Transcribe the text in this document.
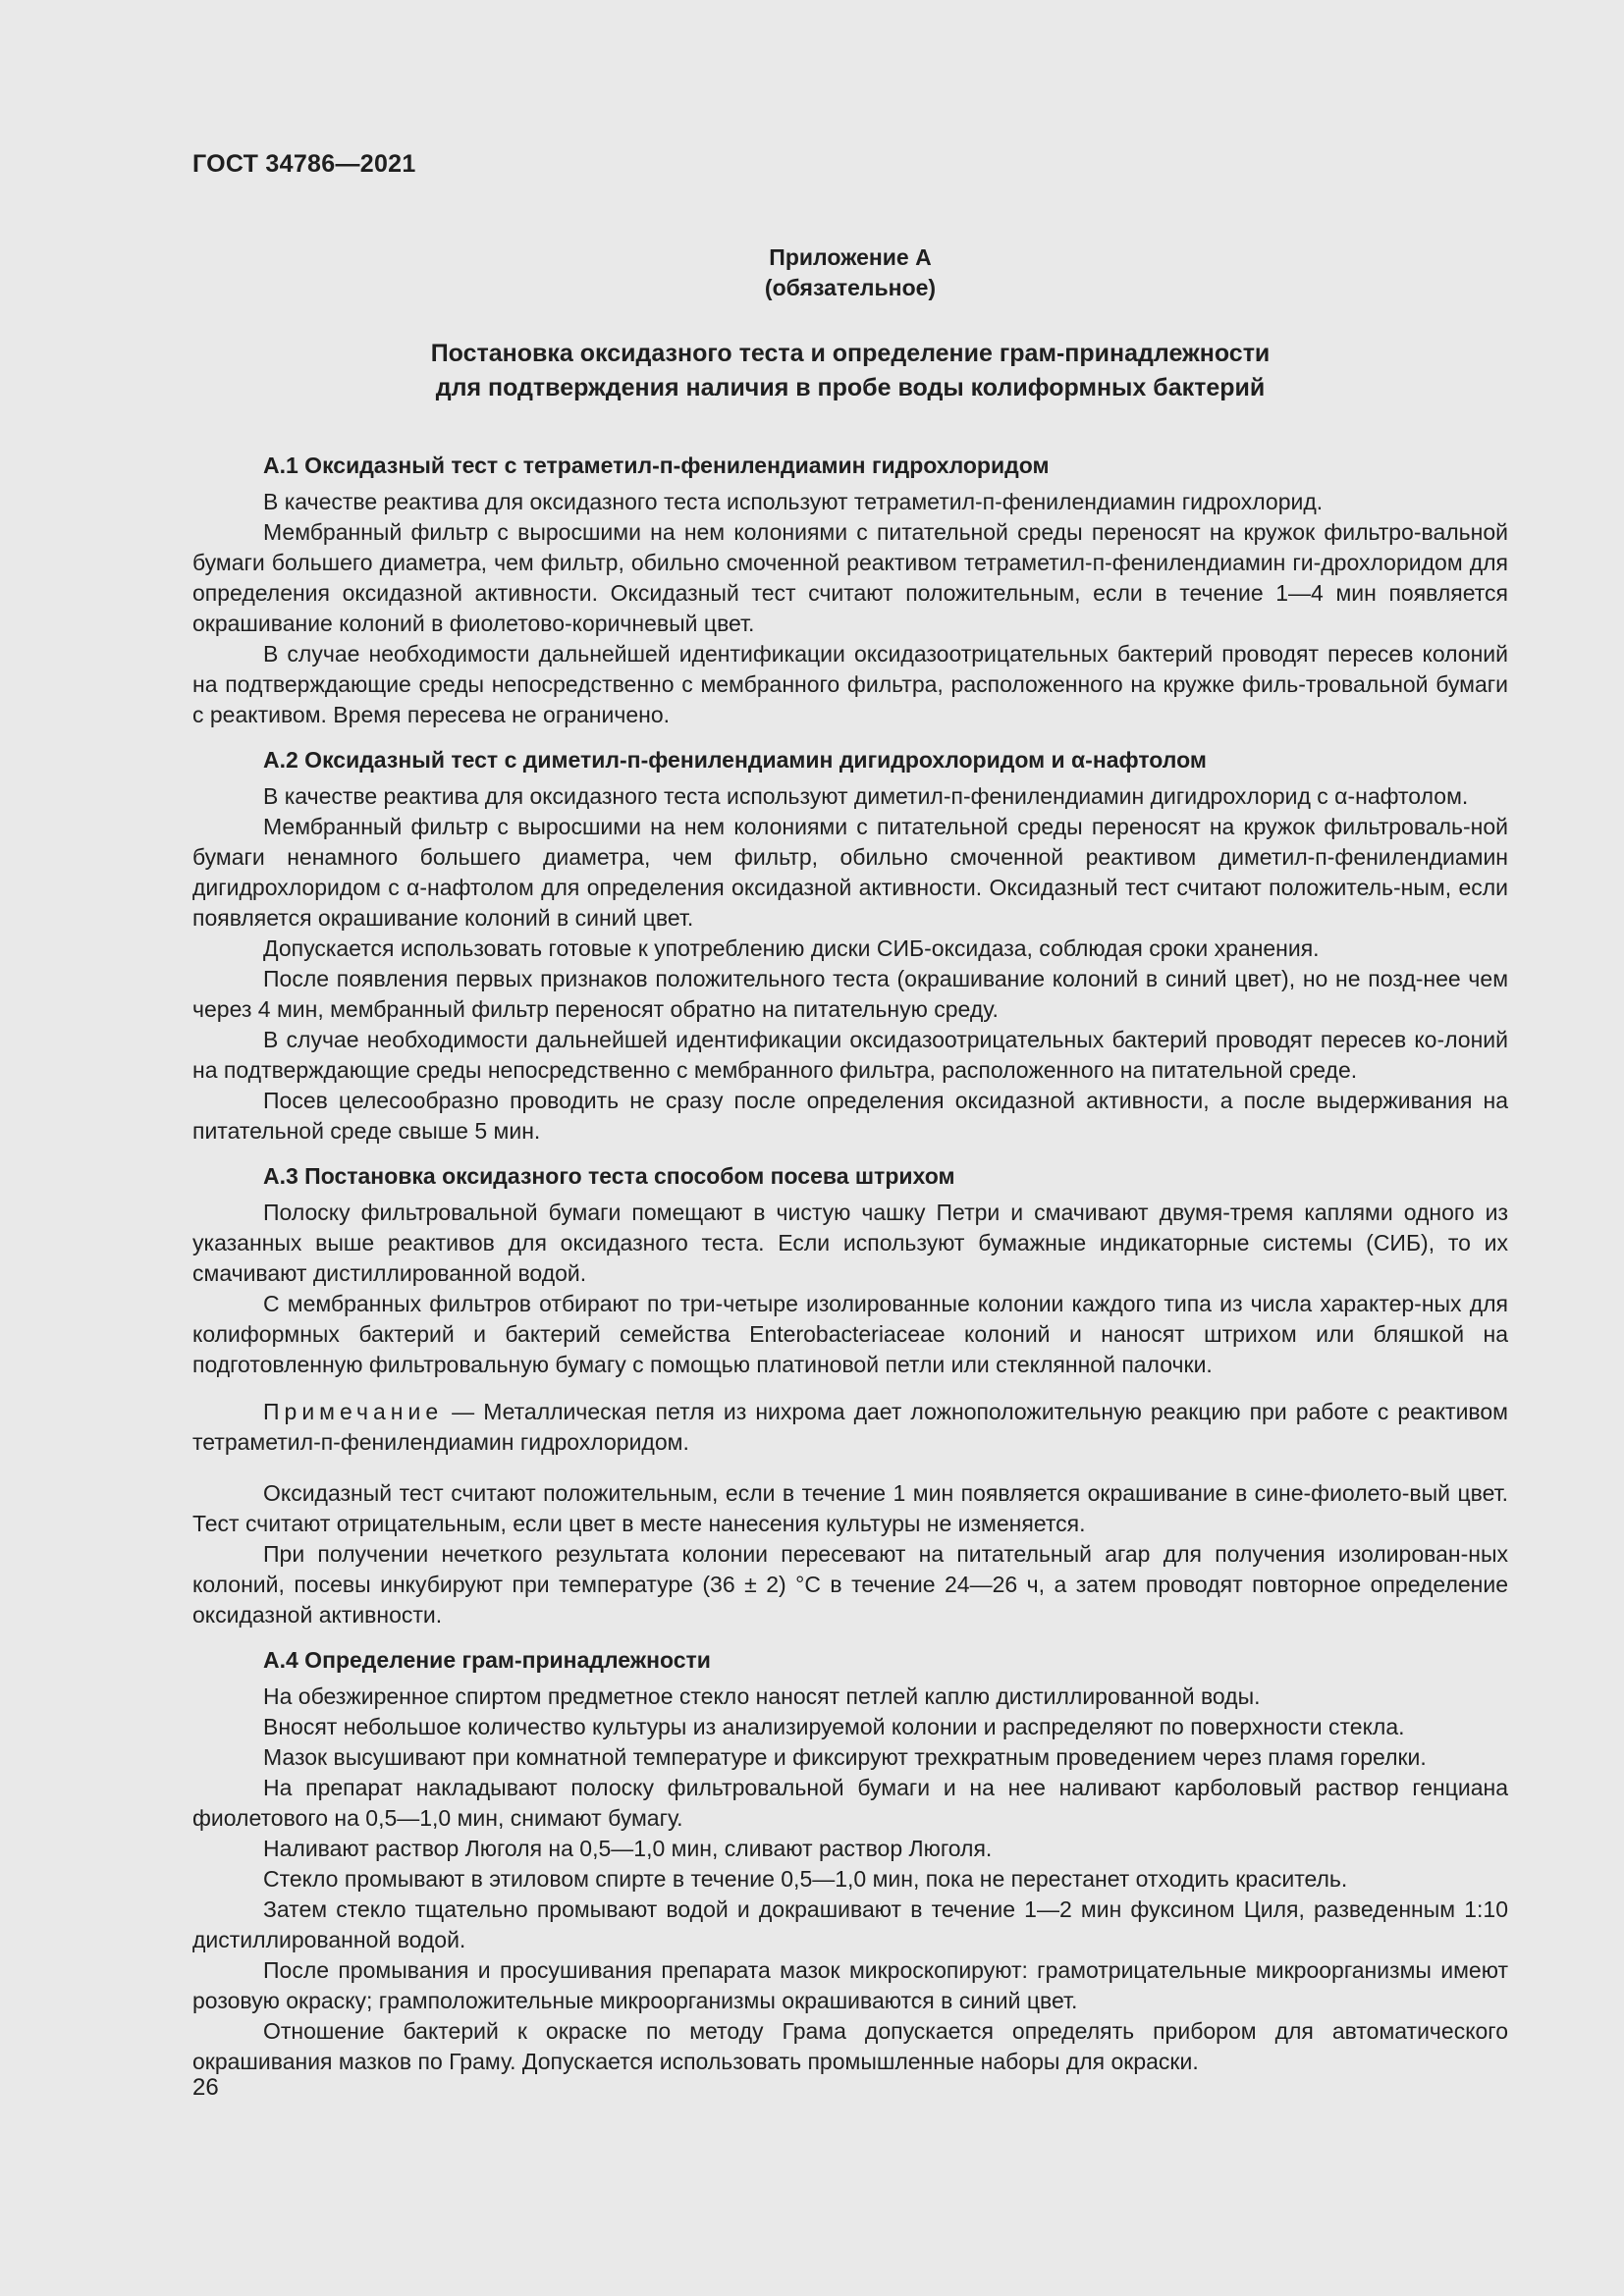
ГОСТ 34786—2021
Приложение А
(обязательное)
Постановка оксидазного теста и определение грам-принадлежности
для подтверждения наличия в пробе воды колиформных бактерий
А.1 Оксидазный тест с тетраметил-п-фенилендиамин гидрохлоридом

В качестве реактива для оксидазного теста используют тетраметил-п-фенилендиамин гидрохлорид.

Мембранный фильтр с выросшими на нем колониями с питательной среды переносят на кружок фильтро-вальной бумаги большего диаметра, чем фильтр, обильно смоченной реактивом тетраметил-п-фенилендиамин ги-дрохлоридом для определения оксидазной активности. Оксидазный тест считают положительным, если в течение 1—4 мин появляется окрашивание колоний в фиолетово-коричневый цвет.

В случае необходимости дальнейшей идентификации оксидазоотрицательных бактерий проводят пересев колоний на подтверждающие среды непосредственно с мембранного фильтра, расположенного на кружке филь-тровальной бумаги с реактивом. Время пересева не ограничено.

А.2 Оксидазный тест с диметил-п-фенилендиамин дигидрохлоридом и α-нафтолом

В качестве реактива для оксидазного теста используют диметил-п-фенилендиамин дигидрохлорид с α-нафтолом.

Мембранный фильтр с выросшими на нем колониями с питательной среды переносят на кружок фильтроваль-ной бумаги ненамного большего диаметра, чем фильтр, обильно смоченной реактивом диметил-п-фенилендиамин дигидрохлоридом с α-нафтолом для определения оксидазной активности. Оксидазный тест считают положитель-ным, если появляется окрашивание колоний в синий цвет.

Допускается использовать готовые к употреблению диски СИБ-оксидаза, соблюдая сроки хранения.

После появления первых признаков положительного теста (окрашивание колоний в синий цвет), но не позд-нее чем через 4 мин, мембранный фильтр переносят обратно на питательную среду.

В случае необходимости дальнейшей идентификации оксидазоотрицательных бактерий проводят пересев ко-лоний на подтверждающие среды непосредственно с мембранного фильтра, расположенного на питательной среде.

Посев целесообразно проводить не сразу после определения оксидазной активности, а после выдерживания на питательной среде свыше 5 мин.

А.3 Постановка оксидазного теста способом посева штрихом

Полоску фильтровальной бумаги помещают в чистую чашку Петри и смачивают двумя-тремя каплями одного из указанных выше реактивов для оксидазного теста. Если используют бумажные индикаторные системы (СИБ), то их смачивают дистиллированной водой.

С мембранных фильтров отбирают по три-четыре изолированные колонии каждого типа из числа характер-ных для колиформных бактерий и бактерий семейства Enterobacteriaceae колоний и наносят штрихом или бляшкой на подготовленную фильтровальную бумагу с помощью платиновой петли или стеклянной палочки.

Примечание — Металлическая петля из нихрома дает ложноположительную реакцию при работе с реактивом тетраметил-п-фенилендиамин гидрохлоридом.

Оксидазный тест считают положительным, если в течение 1 мин появляется окрашивание в сине-фиолето-вый цвет. Тест считают отрицательным, если цвет в месте нанесения культуры не изменяется.

При получении нечеткого результата колонии пересевают на питательный агар для получения изолирован-ных колоний, посевы инкубируют при температуре (36 ± 2) °С в течение 24—26 ч, а затем проводят повторное определение оксидазной активности.

А.4 Определение грам-принадлежности

На обезжиренное спиртом предметное стекло наносят петлей каплю дистиллированной воды.

Вносят небольшое количество культуры из анализируемой колонии и распределяют по поверхности стекла.

Мазок высушивают при комнатной температуре и фиксируют трехкратным проведением через пламя горелки.

На препарат накладывают полоску фильтровальной бумаги и на нее наливают карболовый раствор генциана фиолетового на 0,5—1,0 мин, снимают бумагу.

Наливают раствор Люголя на 0,5—1,0 мин, сливают раствор Люголя.

Стекло промывают в этиловом спирте в течение 0,5—1,0 мин, пока не перестанет отходить краситель.

Затем стекло тщательно промывают водой и докрашивают в течение 1—2 мин фуксином Циля, разведенным 1:10 дистиллированной водой.

После промывания и просушивания препарата мазок микроскопируют: грамотрицательные микроорганизмы имеют розовую окраску; грамположительные микроорганизмы окрашиваются в синий цвет.

Отношение бактерий к окраске по методу Грама допускается определять прибором для автоматического окрашивания мазков по Граму. Допускается использовать промышленные наборы для окраски.

26
